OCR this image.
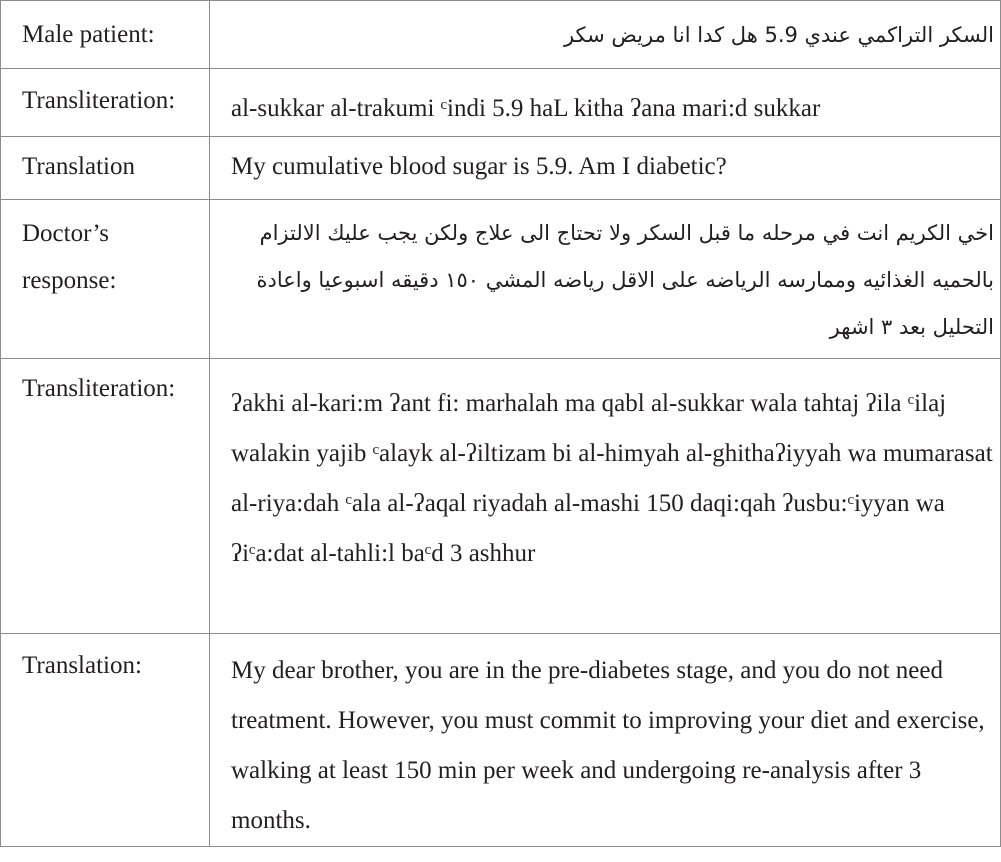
Male patient:	السكر التراكمي عندي 5.9 هل كدا انا مريض سكر
Transliteration:	al-sukkar al-trakumi ᶜindi 5.9 haL kitha ʔana mari:d sukkar
Translation	My cumulative blood sugar is 5.9. Am I diabetic?
Doctor’s response:	اخي الكريم انت في مرحله ما قبل السكر ولا تحتاج الى علاج ولكن يجب عليك الالتزام بالحميه الغذائيه وممارسه الرياضه على الاقل رياضه المشي ١٥٠ دقيقه اسبوعيا واعادة التحليل بعد ٣ اشهر
Transliteration:	ʔakhi al-kari:m ʔant fi: marhalah ma qabl al-sukkar wala tahtaj ʔila ᶜilaj walakin yajib ᶜalayk al-ʔiltizam bi al-himyah al-ghithaʔiyyah wa mumarasat al-riya:dah ᶜala al-ʔaqal riyadah al-mashi 150 daqi:qah ʔusbu:ᶜiyyan wa ʔiᶜa:dat al-tahli:l baᶜd 3 ashhur
Translation:	My dear brother, you are in the pre-diabetes stage, and you do not need treatment. However, you must commit to improving your diet and exercise, walking at least 150 min per week and undergoing re-analysis after 3 months.
